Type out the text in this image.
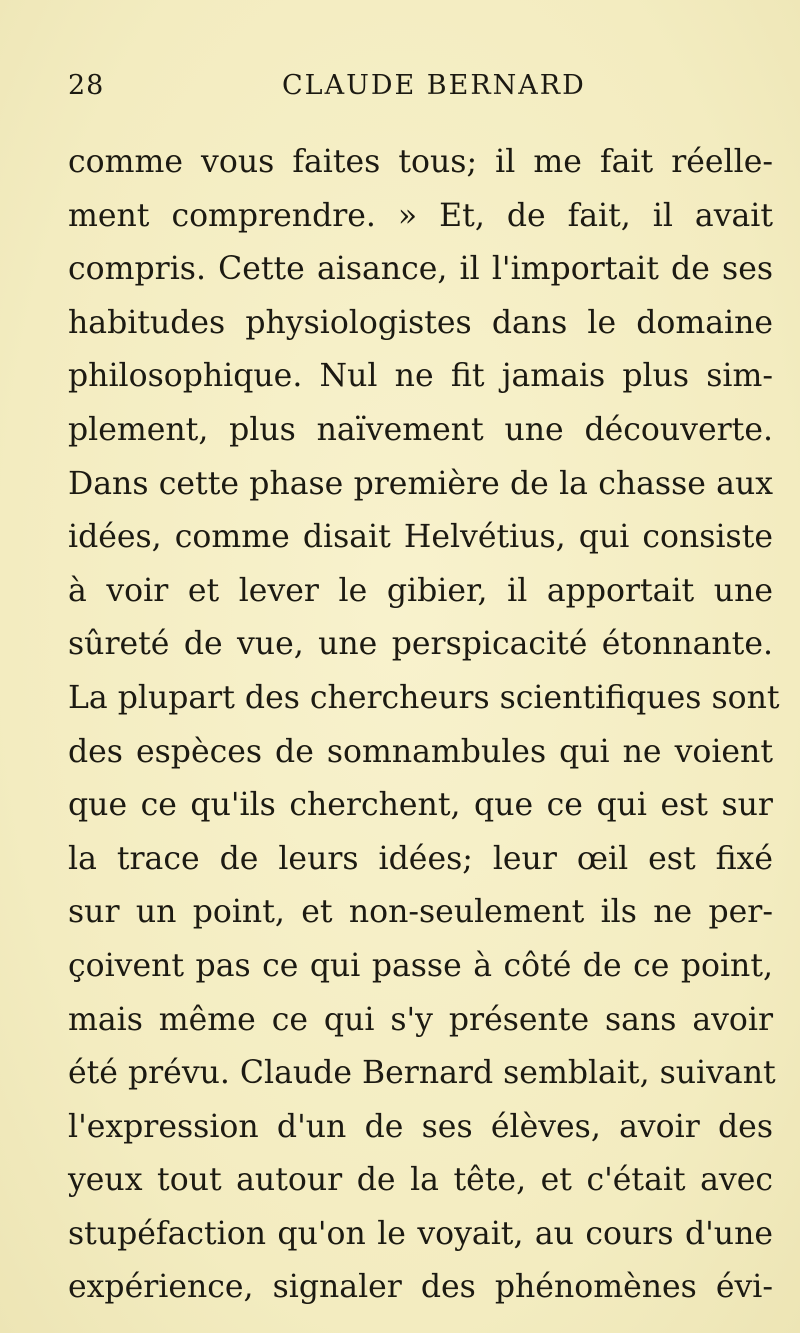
28	CLAUDE BERNARD
comme vous faites tous; il me fait réelle-
ment comprendre. » Et, de fait, il avait
compris. Cette aisance, il l'importait de ses
habitudes physiologistes dans le domaine
philosophique. Nul ne fit jamais plus sim-
plement, plus naïvement une découverte.
Dans cette phase première de la chasse aux
idées, comme disait Helvétius, qui consiste
à voir et lever le gibier, il apportait une
sûreté de vue, une perspicacité étonnante.
La plupart des chercheurs scientifiques sont
des espèces de somnambules qui ne voient
que ce qu'ils cherchent, que ce qui est sur
la trace de leurs idées; leur œil est fixé
sur un point, et non-seulement ils ne per-
çoivent pas ce qui passe à côté de ce point,
mais même ce qui s'y présente sans avoir
été prévu. Claude Bernard semblait, suivant
l'expression d'un de ses élèves, avoir des
yeux tout autour de la tête, et c'était avec
stupéfaction qu'on le voyait, au cours d'une
expérience, signaler des phénomènes évi-
